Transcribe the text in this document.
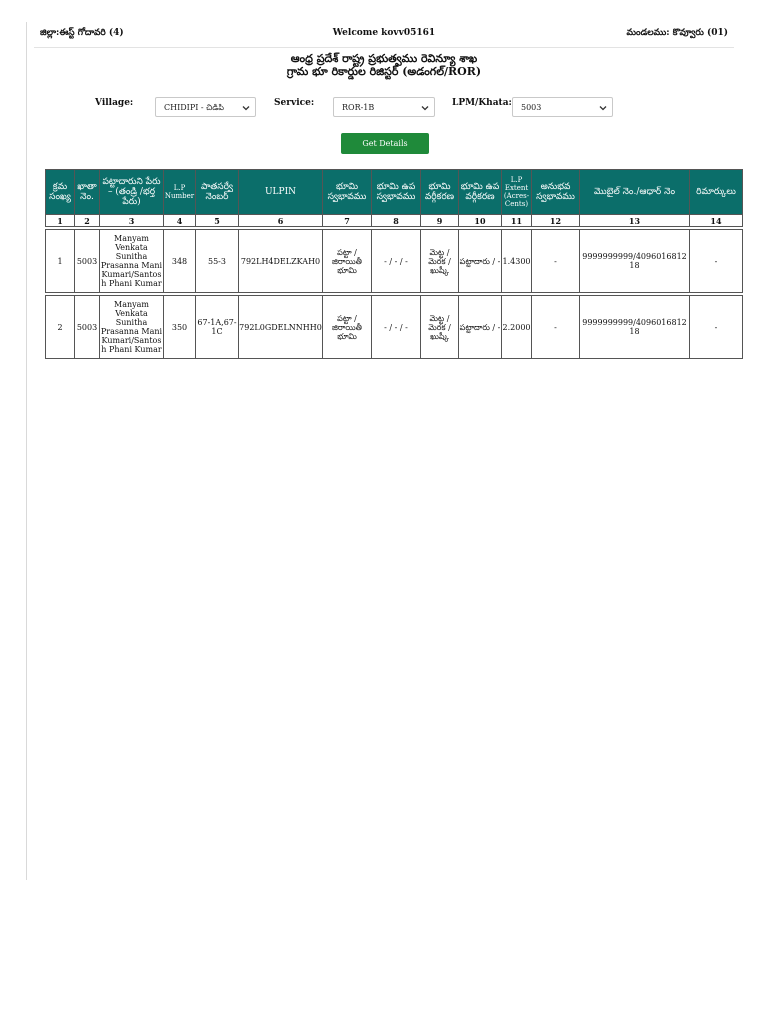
జిల్లా:ఈస్ట్ గోదావరి (4)	Welcome kovv05161	మండలము: కొవ్వూరు (01)
ఆంధ్ర ప్రదేశ్ రాష్ట్ర ప్రభుత్వము రెవిన్యూ శాఖ
గ్రామ భూ రికార్డుల రిజిస్టర్ (అడంగల్/ROR)
Village:	CHIDIPI - చిడిపి	Service:	ROR-1B	LPM/Khata:	5003
Get Details
క్రమ సంఖ్య	ఖాతా నెం.	పట్టాదారుని పేరు – (తండ్రి /భర్త పేరు)	L.P Number	పాతసర్వే నెంబర్	ULPIN	భూమి స్వభావము	భూమి ఉప స్వభావము	భూమి వర్గీకరణ	భూమి ఉప వర్గీకరణ	L.P Extent (Acres-Cents)	అనుభవ స్వభావము	మొబైల్ నెం./ఆధార్ నెం	రిమార్కులు
1	2	3	4	5	6	7	8	9	10	11	12	13	14

1	5003	Manyam Venkata Sunitha Prasanna Mani Kumari/Santosh Phani Kumar	348	55-3	792LH4DELZKAH0	పట్టా / జిరాయితీ భూమి	- / - / -	మెట్ట / మెరక / ఖుష్కీ	పట్టాదారు / -	1.4300	-	9999999999/409601681218	-

2	5003	Manyam Venkata Sunitha Prasanna Mani Kumari/Santosh Phani Kumar	350	67-1A,67-1C	792L0GDELNNHH0	పట్టా / జిరాయితీ భూమి	- / - / -	మెట్ట / మెరక / ఖుష్కీ	పట్టాదారు / -	2.2000	-	9999999999/409601681218	-
